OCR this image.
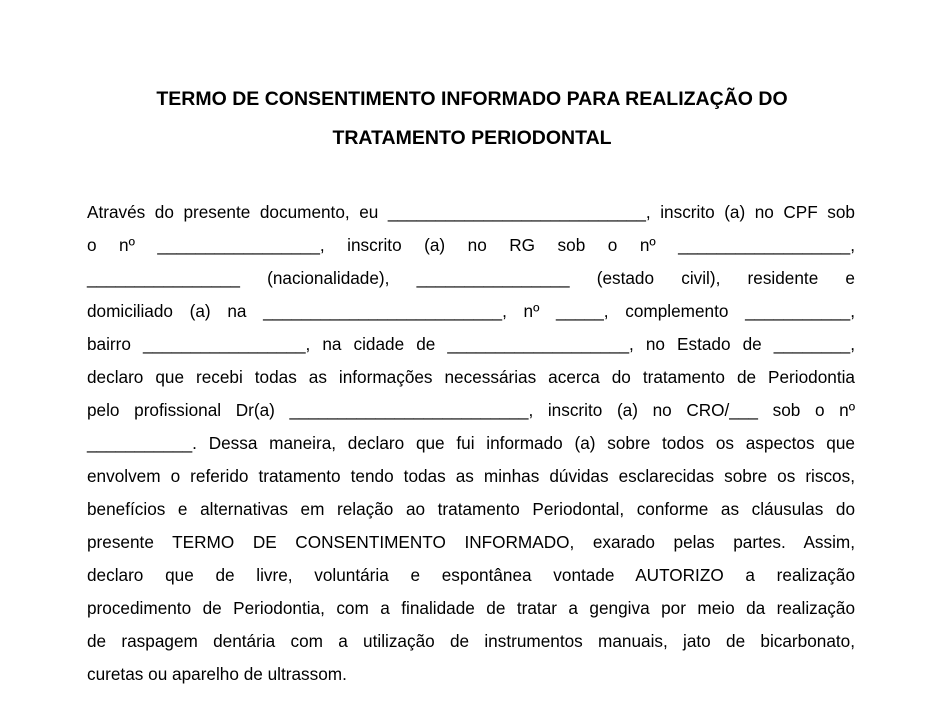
TERMO DE CONSENTIMENTO INFORMADO PARA REALIZAÇÃO DO
TRATAMENTO PERIODONTAL
Através do presente documento, eu ___________________________, inscrito (a) no CPF sob
o nº _________________, inscrito (a) no RG sob o nº __________________,
________________ (nacionalidade), ________________ (estado civil), residente e
domiciliado (a) na _________________________, nº _____, complemento ___________,
bairro _________________, na cidade de ___________________, no Estado de ________,
declaro que recebi todas as informações necessárias acerca do tratamento de Periodontia
pelo profissional Dr(a) _________________________, inscrito (a) no CRO/___ sob o nº
___________. Dessa maneira, declaro que fui informado (a) sobre todos os aspectos que
envolvem o referido tratamento tendo todas as minhas dúvidas esclarecidas sobre os riscos,
benefícios e alternativas em relação ao tratamento Periodontal, conforme as cláusulas do
presente TERMO DE CONSENTIMENTO INFORMADO, exarado pelas partes. Assim,
declaro que de livre, voluntária e espontânea vontade AUTORIZO a realização
procedimento de Periodontia, com a finalidade de tratar a gengiva por meio da realização
de raspagem dentária com a utilização de instrumentos manuais, jato de bicarbonato,
curetas ou aparelho de ultrassom.
